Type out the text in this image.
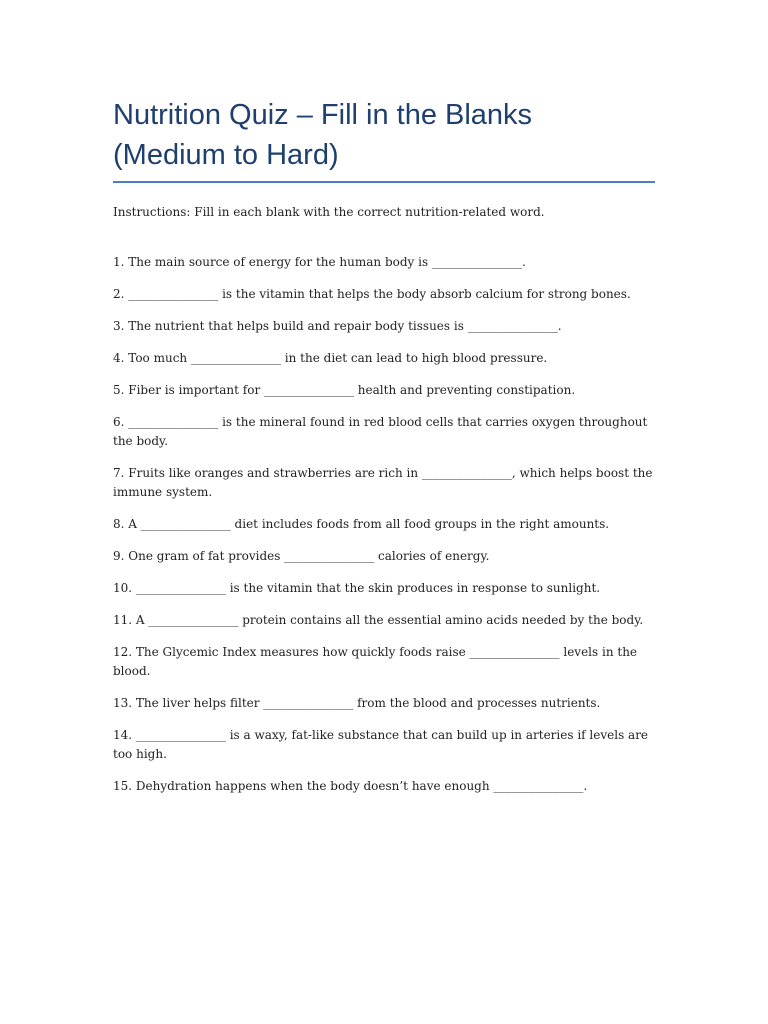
Nutrition Quiz – Fill in the Blanks
(Medium to Hard)

Instructions: Fill in each blank with the correct nutrition-related word.

1. The main source of energy for the human body is _______________.
2. _______________ is the vitamin that helps the body absorb calcium for strong bones.
3. The nutrient that helps build and repair body tissues is _______________.
4. Too much _______________ in the diet can lead to high blood pressure.
5. Fiber is important for _______________ health and preventing constipation.
6. _______________ is the mineral found in red blood cells that carries oxygen throughout the body.
7. Fruits like oranges and strawberries are rich in _______________, which helps boost the immune system.
8. A _______________ diet includes foods from all food groups in the right amounts.
9. One gram of fat provides _______________ calories of energy.
10. _______________ is the vitamin that the skin produces in response to sunlight.
11. A _______________ protein contains all the essential amino acids needed by the body.
12. The Glycemic Index measures how quickly foods raise _______________ levels in the blood.
13. The liver helps filter _______________ from the blood and processes nutrients.
14. _______________ is a waxy, fat-like substance that can build up in arteries if levels are too high.
15. Dehydration happens when the body doesn’t have enough _______________.
